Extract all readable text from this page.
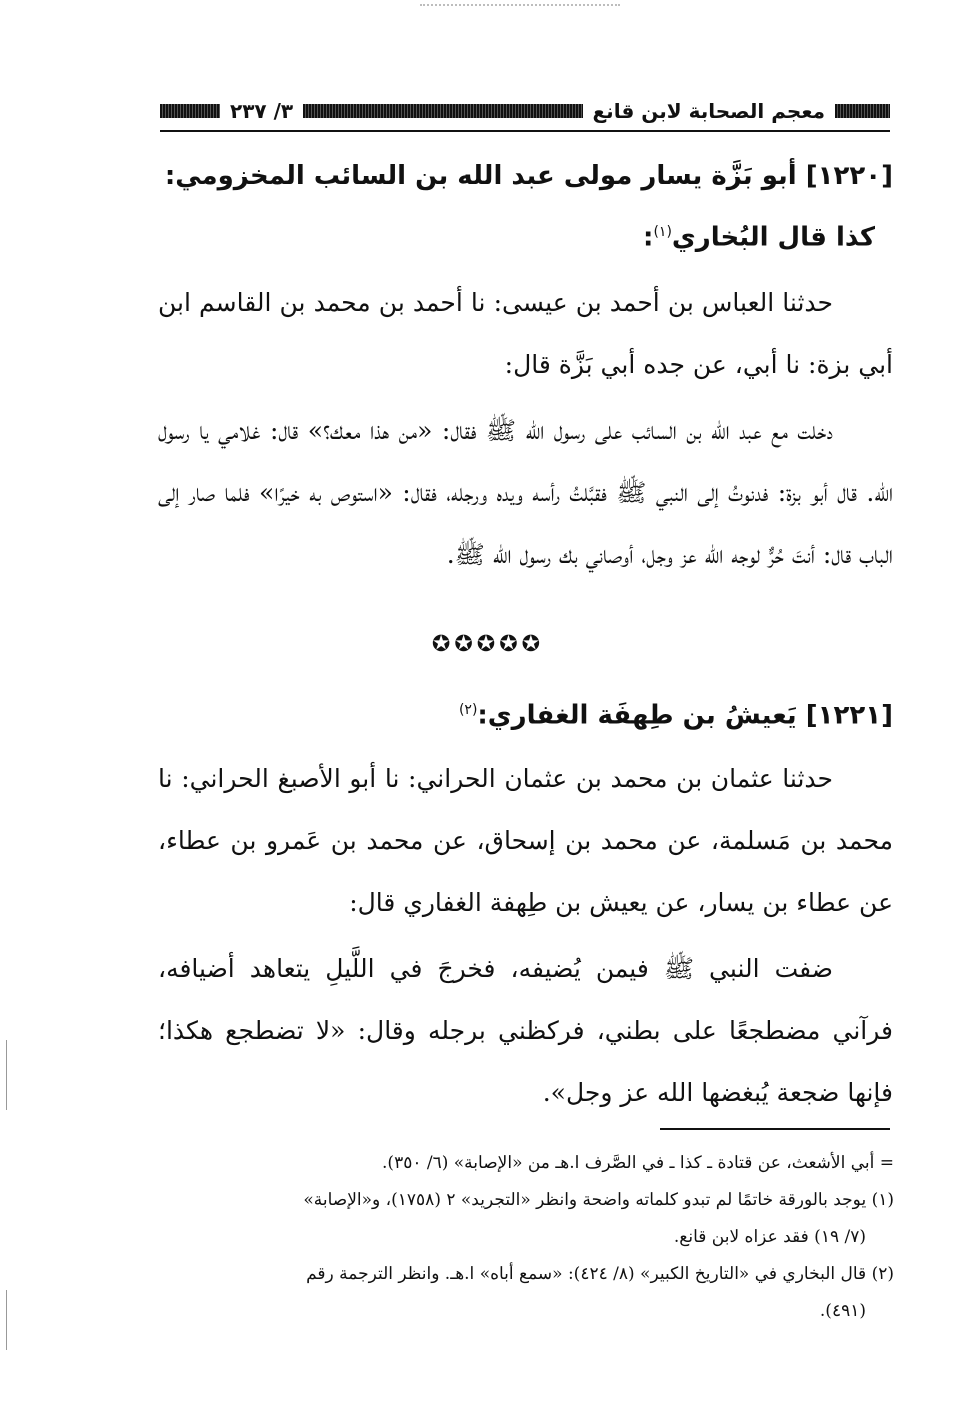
معجم الصحابة لابن قانع
٣/ ٢٣٧
[١٢٢٠] أبو بَزَّة يسار مولى عبد الله بن السائب المخزومي:
كذا قال البُخاري$^{(١)}$:

حدثنا العباس بن أحمد بن عيسى: نا أحمد بن محمد بن القاسم ابن أبي بزة: نا أبي، عن جده أبي بَزَّة قال:

دخلت مع عبد الله بن السائب على رسول الله ﷺ فقال: «من هذا معك؟» قال: غلامي يا رسول الله. قال أبو بزة: فدنوتُ إلى النبي ﷺ فقبَّلتُ رأسه ويده ورجله، فقال: «استوص به خيرًا» فلما صار إلى الباب قال: أنتَ حُرٌّ لوجه الله عز وجل، أوصاني بك رسول الله ﷺ.

✪✪✪✪✪
[١٢٢١] يَعيشُ بن طِهفَة الغفاري:$^{(٢)}$

حدثنا عثمان بن محمد بن عثمان الحراني: نا أبو الأصبغ الحراني: نا محمد بن مَسلمة، عن محمد بن إسحاق، عن محمد بن عَمرو بن عطاء، عن عطاء بن يسار، عن يعيش بن طِهفة الغفاري قال:

ضفت النبي ﷺ فيمن يُضيفه، فخرجَ في اللَّيلِ يتعاهد أضيافه، فرآني مضطجعًا على بطني، فركظني برجله وقال: «لا تضطجع هكذا؛ فإنها ضجعة يُبغضها الله عز وجل».

= أبي الأشعث، عن قتادة ـ كذا ـ في الصَّرف ا.هـ من «الإصابة» (٦/ ٣٥٠).

(١) يوجد بالورقة خاتمًا لم تبدو كلماته واضحة وانظر «التجريد» ٢ (١٧٥٨)، و«الإصابة»

(٧/ ١٩) فقد عزاه لابن قانع.

(٢) قال البخاري في «التاريخ الكبير» (٨/ ٤٢٤): «سمع أباه» ا.هـ. وانظر الترجمة رقم

(٤٩١).
